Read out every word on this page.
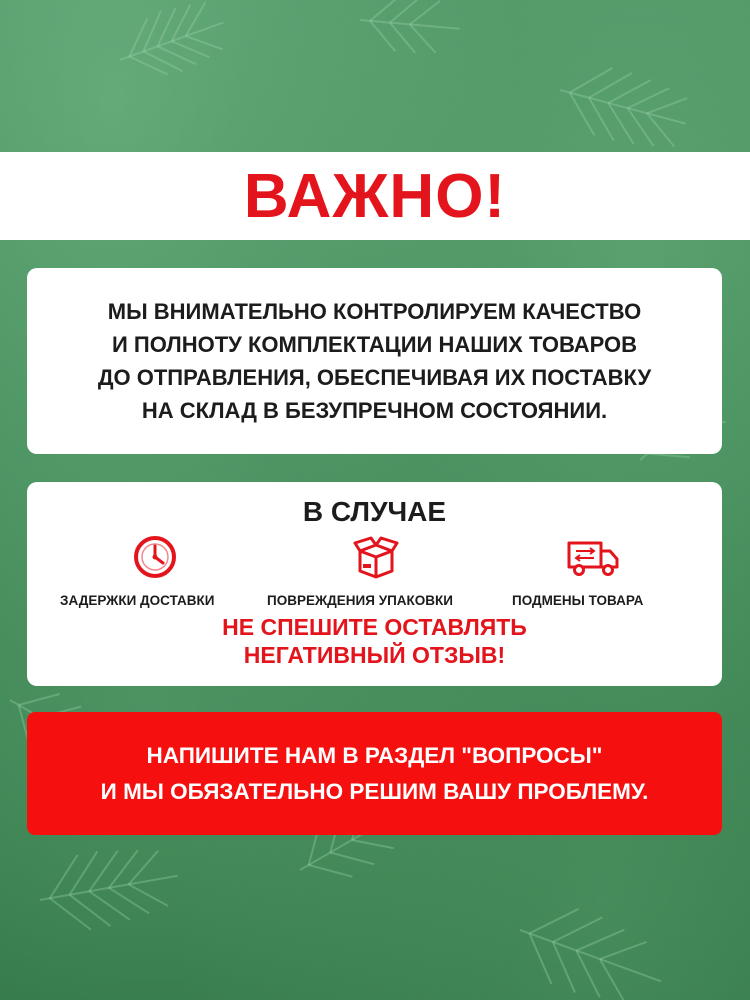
ВАЖНО!
МЫ ВНИМАТЕЛЬНО КОНТРОЛИРУЕМ КАЧЕСТВО
И ПОЛНОТУ КОМПЛЕКТАЦИИ НАШИХ ТОВАРОВ
ДО ОТПРАВЛЕНИЯ, ОБЕСПЕЧИВАЯ ИХ ПОСТАВКУ
НА СКЛАД В БЕЗУПРЕЧНОМ СОСТОЯНИИ.
В СЛУЧАЕ
ЗАДЕРЖКИ ДОСТАВКИ	ПОВРЕЖДЕНИЯ УПАКОВКИ	ПОДМЕНЫ ТОВАРА
НЕ СПЕШИТЕ ОСТАВЛЯТЬ
НЕГАТИВНЫЙ ОТЗЫВ!
НАПИШИТЕ НАМ В РАЗДЕЛ "ВОПРОСЫ"
И МЫ ОБЯЗАТЕЛЬНО РЕШИМ ВАШУ ПРОБЛЕМУ.
